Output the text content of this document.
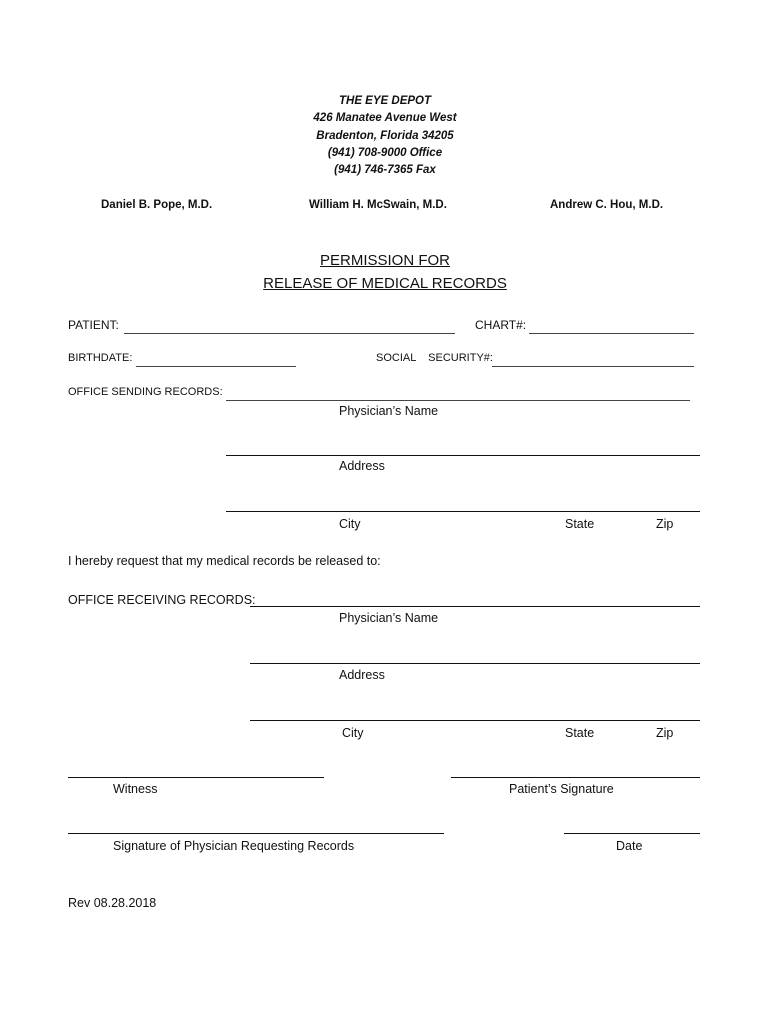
THE EYE DEPOT
426 Manatee Avenue West
Bradenton, Florida 34205
(941) 708-9000 Office
(941) 746-7365 Fax
Daniel B. Pope, M.D.	William H. McSwain, M.D.	Andrew C. Hou, M.D.
PERMISSION FOR
RELEASE OF MEDICAL RECORDS
PATIENT:	CHART#:
BIRTHDATE:	SOCIAL    SECURITY#:
OFFICE SENDING RECORDS:
Physician’s Name
Address
City	State	Zip
I hereby request that my medical records be released to:
OFFICE RECEIVING RECORDS:
Physician’s Name
Address
City	State	Zip
Witness	Patient’s Signature
Signature of Physician Requesting Records	Date
Rev 08.28.2018
